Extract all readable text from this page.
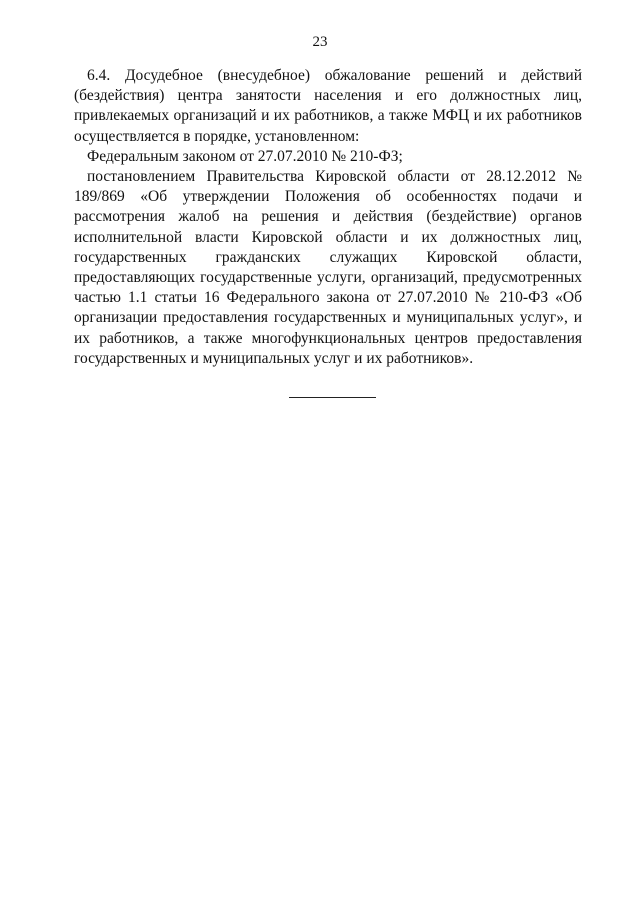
23

6.4. Досудебное (внесудебное) обжалование решений и действий (бездействия) центра занятости населения и его должностных лиц, привлекаемых организаций и их работников, а также МФЦ и их работников осуществляется в порядке, установленном:

Федеральным законом от 27.07.2010 № 210-ФЗ;

постановлением Правительства Кировской области от 28.12.2012 № 189/869 «Об утверждении Положения об особенностях подачи и рассмотрения жалоб на решения и действия (бездействие) органов исполнительной власти Кировской области и их должностных лиц, государственных гражданских служащих Кировской области, предоставляющих государственные услуги, организаций, предусмотренных частью 1.1 статьи 16 Федерального закона от 27.07.2010 № 210-ФЗ «Об организации предоставления государственных и муниципальных услуг», и их работников, а также многофункциональных центров предоставления государственных и муниципальных услуг и их работников».
